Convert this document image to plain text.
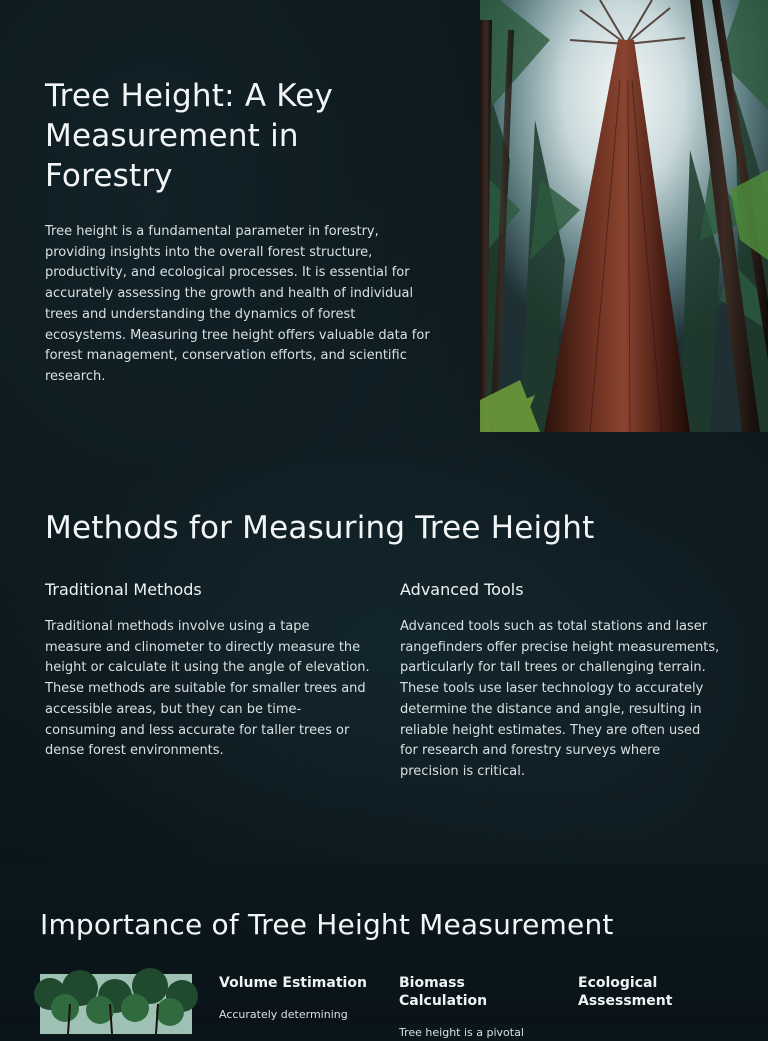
Tree Height: A Key Measurement in Forestry

Tree height is a fundamental parameter in forestry, providing insights into the overall forest structure, productivity, and ecological processes. It is essential for accurately assessing the growth and health of individual trees and understanding the dynamics of forest ecosystems. Measuring tree height offers valuable data for forest management, conservation efforts, and scientific research.

Methods for Measuring Tree Height
Traditional Methods

Traditional methods involve using a tape measure and clinometer to directly measure the height or calculate it using the angle of elevation. These methods are suitable for smaller trees and accessible areas, but they can be time-consuming and less accurate for taller trees or dense forest environments.

Advanced Tools

Advanced tools such as total stations and laser rangefinders offer precise height measurements, particularly for tall trees or challenging terrain. These tools use laser technology to accurately determine the distance and angle, resulting in reliable height estimates. They are often used for research and forestry surveys where precision is critical.

Importance of Tree Height Measurement
Volume Estimation

Accurately determining

Biomass Calculation

Tree height is a pivotal

Ecological Assessment
